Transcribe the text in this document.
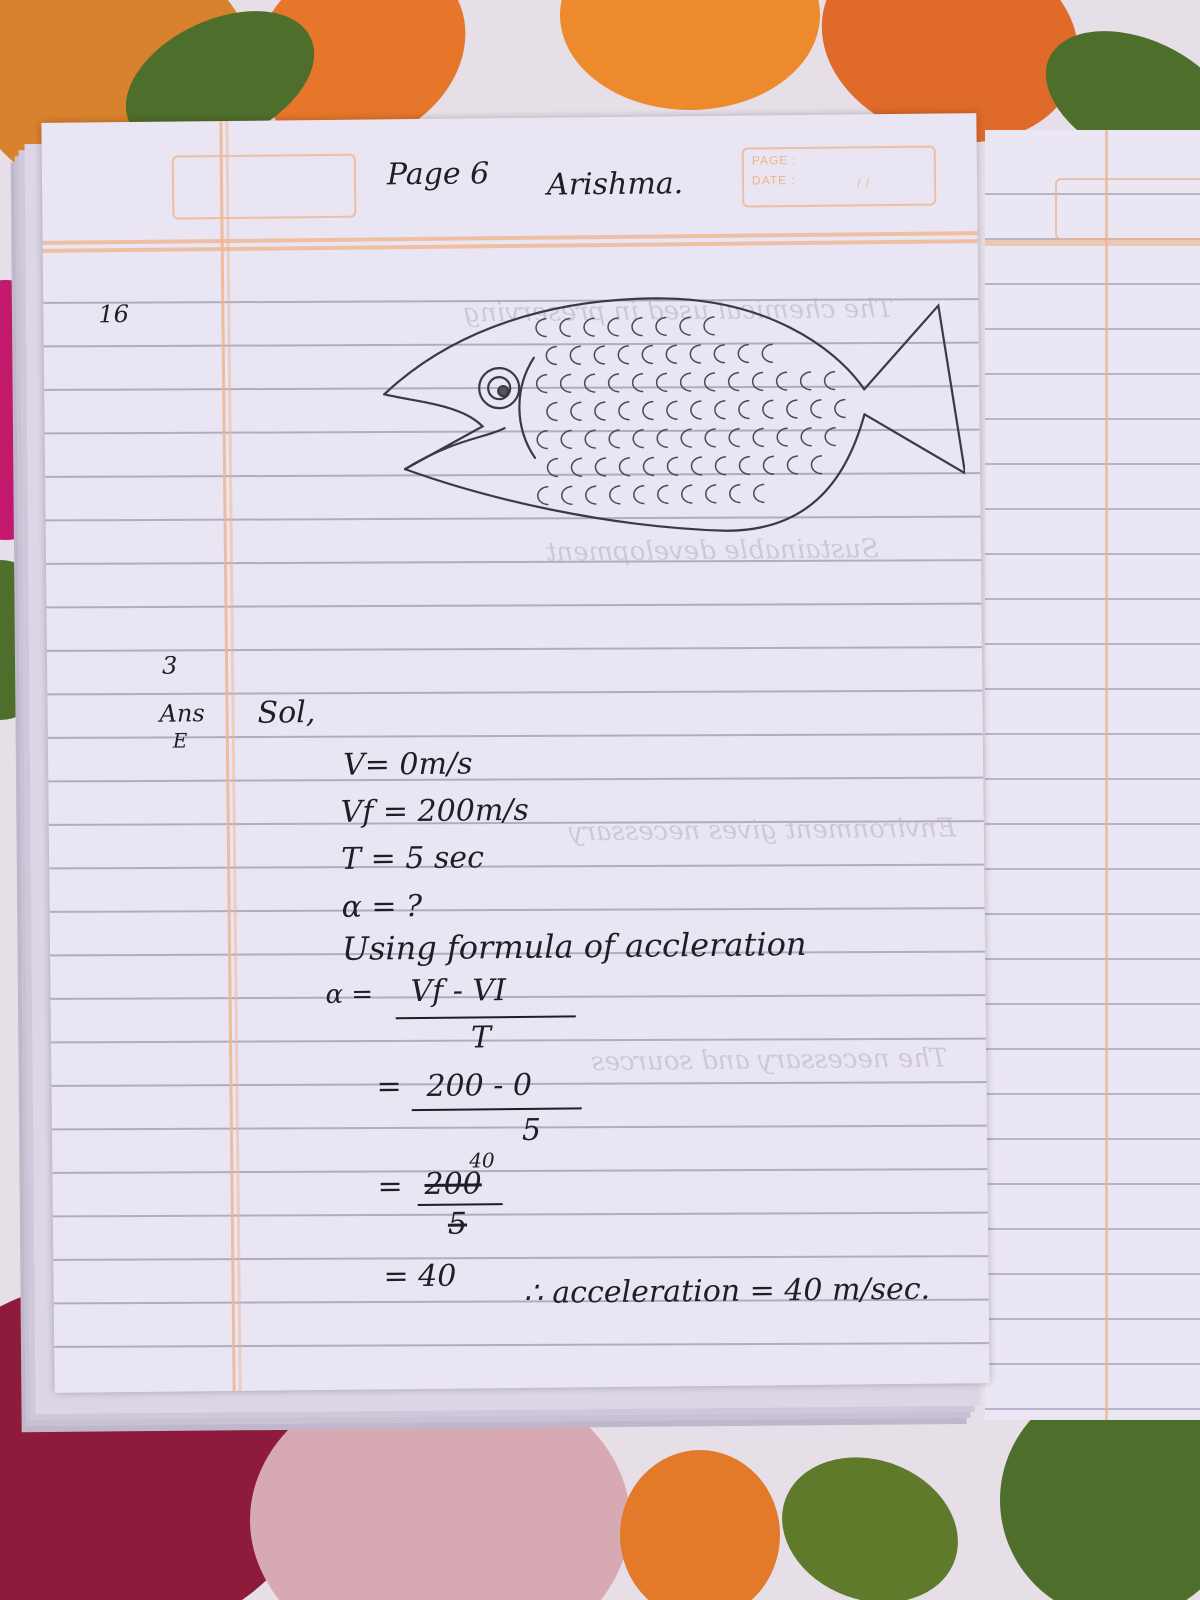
PAGE :
DATE :	/ /
The chemical used in preserving
Sustainable development
Environment gives necessary
The necessary and sources
Page 6 Arishma.
16
3
Ans
E
Sol,
V= 0m/s
Vf = 200m/s
T = 5 sec
α = ?
Using formula of accleration
α = Vf - VI
T
= 200 - 0
5
40
= 200
5
= 40 ∴ acceleration = 40 m/sec.
